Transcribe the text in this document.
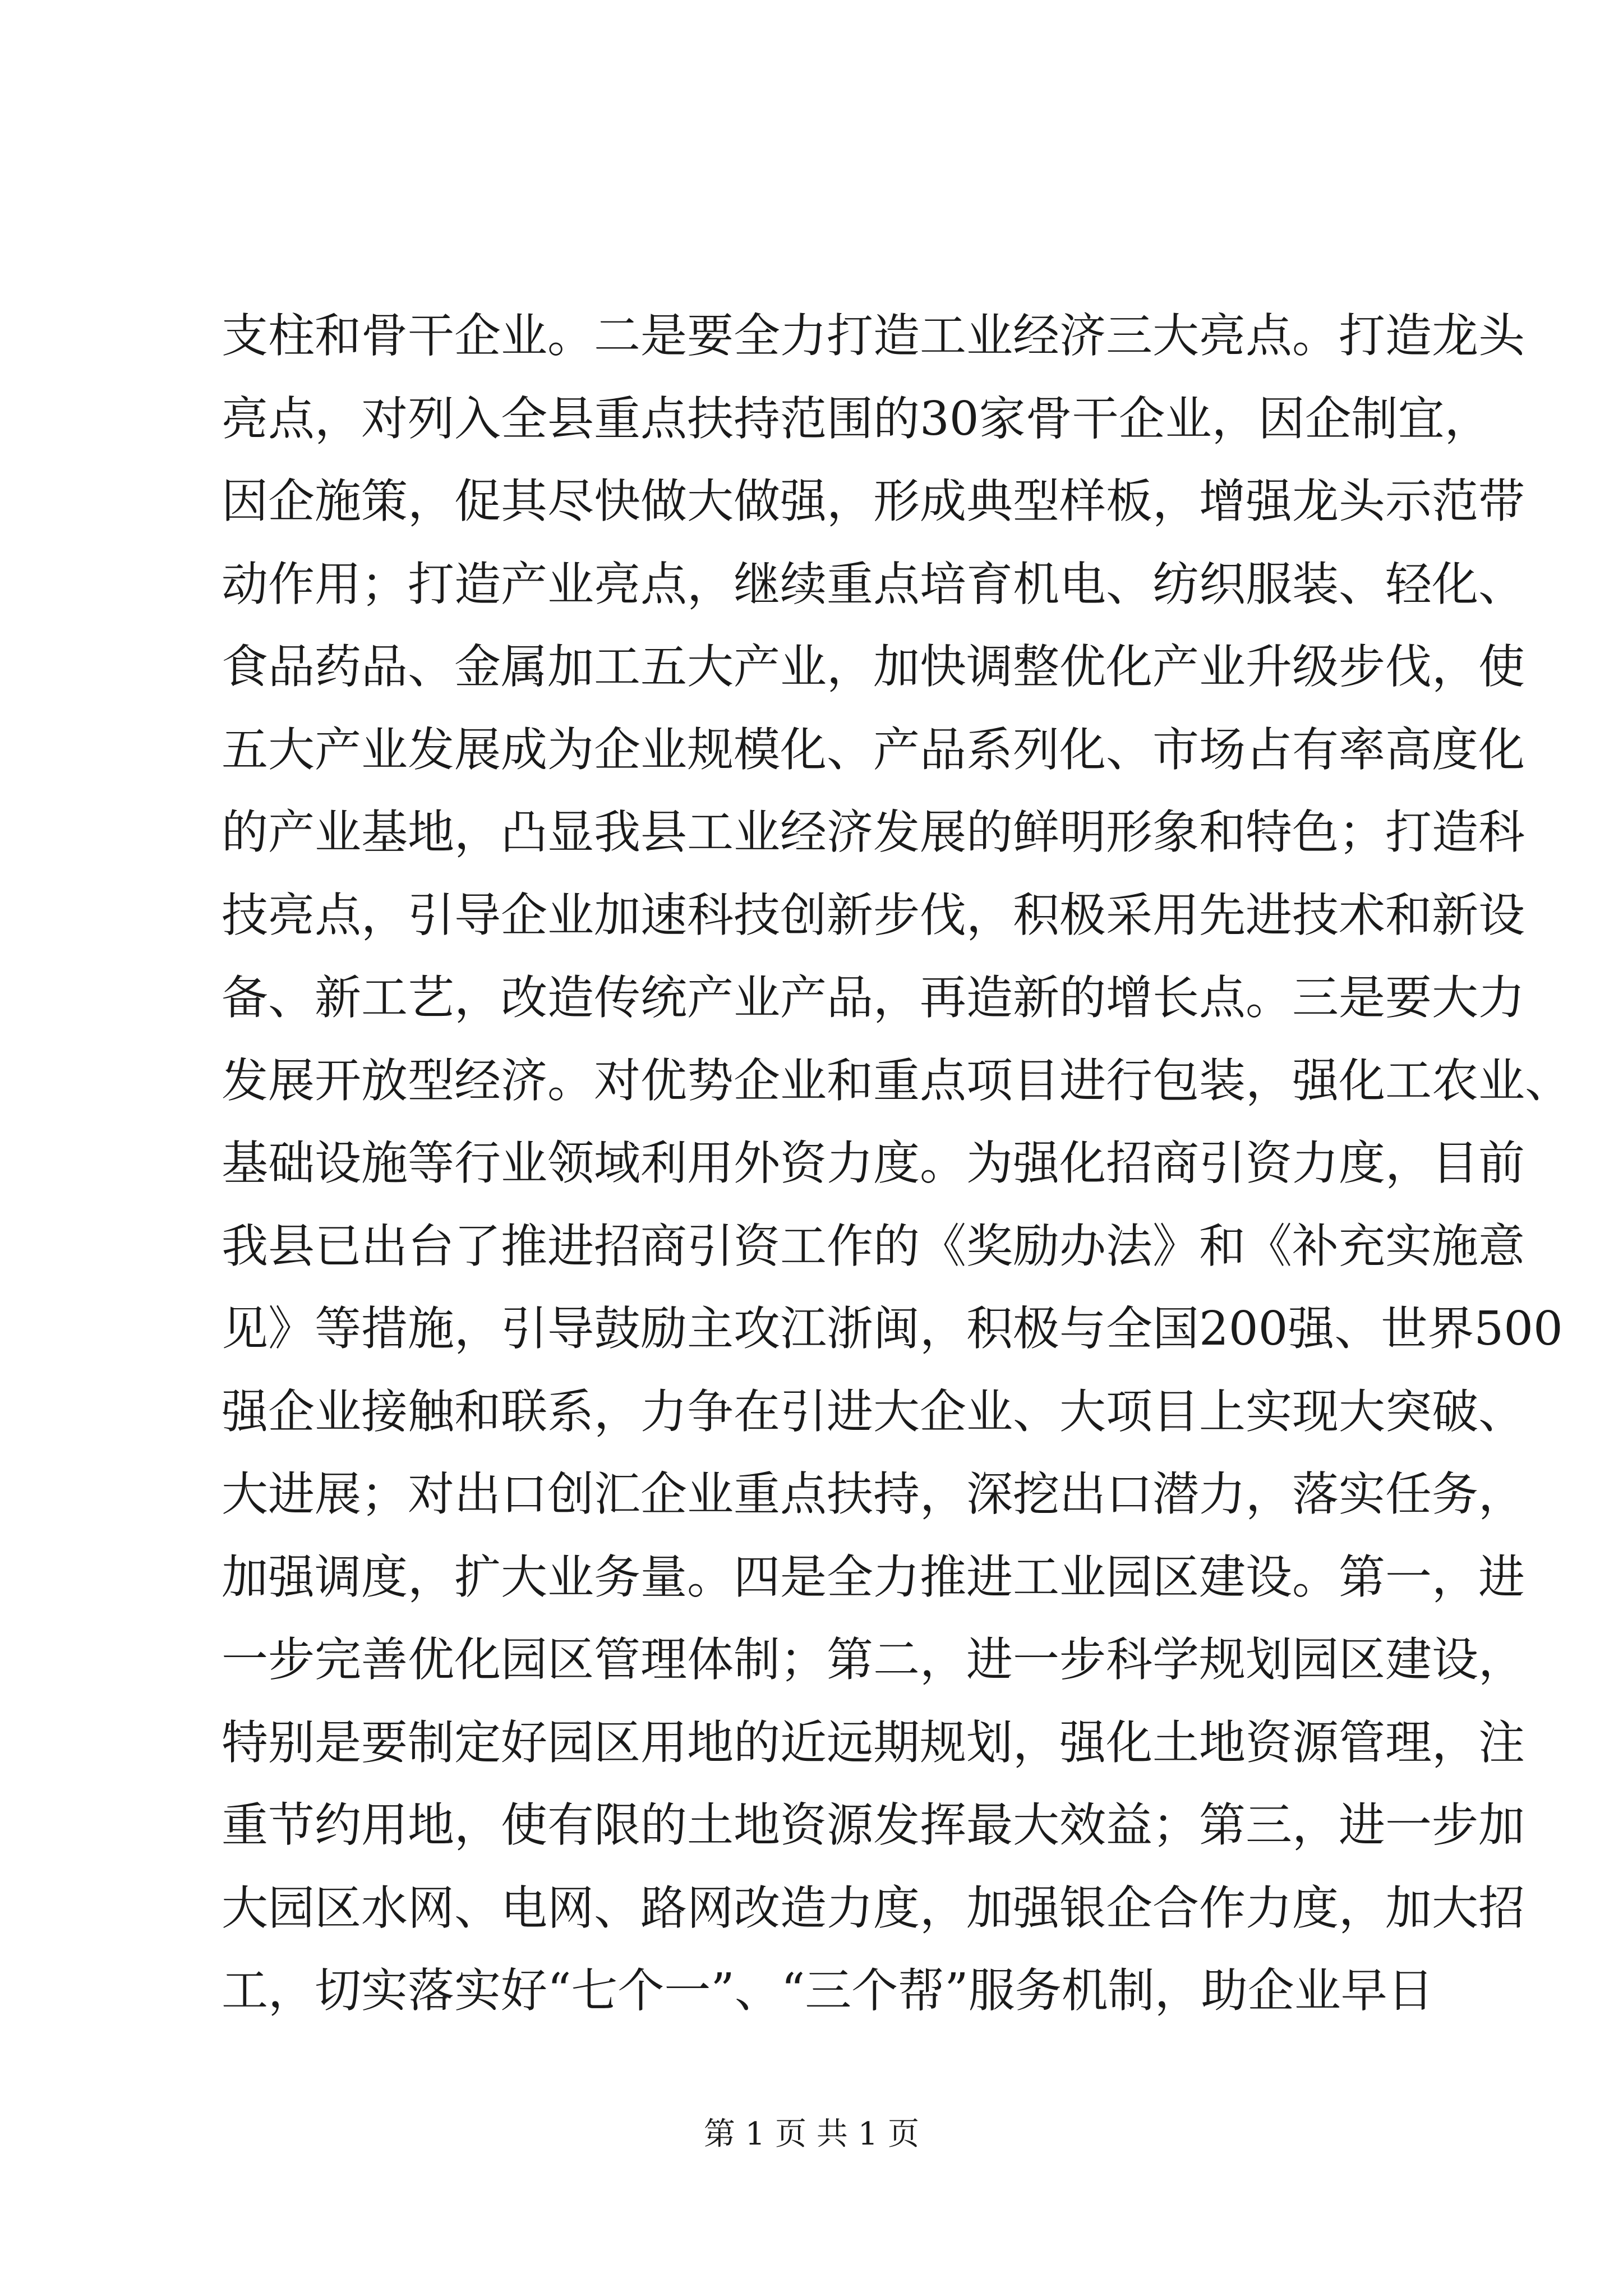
支柱和骨干企业。二是要全力打造工业经济三大亮点。打造龙头
亮点，对列入全县重点扶持范围的30家骨干企业，因企制宜，
因企施策，促其尽快做大做强，形成典型样板，增强龙头示范带
动作用；打造产业亮点，继续重点培育机电、纺织服装、轻化、
食品药品、金属加工五大产业，加快调整优化产业升级步伐，使
五大产业发展成为企业规模化、产品系列化、市场占有率高度化
的产业基地，凸显我县工业经济发展的鲜明形象和特色；打造科
技亮点，引导企业加速科技创新步伐，积极采用先进技术和新设
备、新工艺，改造传统产业产品，再造新的增长点。三是要大力
发展开放型经济。对优势企业和重点项目进行包装，强化工农业、
基础设施等行业领域利用外资力度。为强化招商引资力度，目前
我县已出台了推进招商引资工作的《奖励办法》和《补充实施意
见》等措施，引导鼓励主攻江浙闽，积极与全国200强、世界500
强企业接触和联系，力争在引进大企业、大项目上实现大突破、
大进展；对出口创汇企业重点扶持，深挖出口潜力，落实任务，
加强调度，扩大业务量。四是全力推进工业园区建设。第一，进
一步完善优化园区管理体制；第二，进一步科学规划园区建设，
特别是要制定好园区用地的近远期规划，强化土地资源管理，注
重节约用地，使有限的土地资源发挥最大效益；第三，进一步加
大园区水网、电网、路网改造力度，加强银企合作力度，加大招
工，切实落实好“七个一”、“三个帮”服务机制，助企业早日
第 1 页 共 1 页
